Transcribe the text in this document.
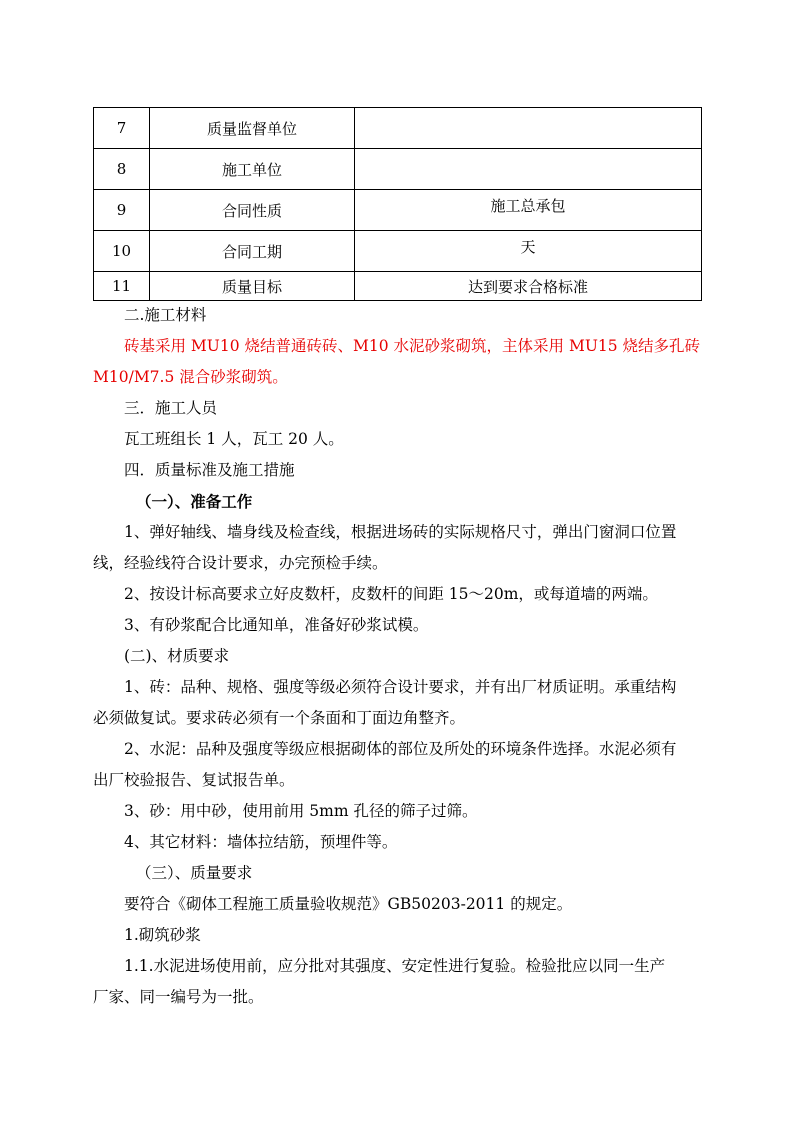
7	质量监督单位	
8	施工单位	
9	合同性质	施工总承包
10	合同工期	天
11	质量目标	达到要求合格标准

二.施工材料

砖基采用 MU10 烧结普通砖砖、M10 水泥砂浆砌筑，主体采用 MU15 烧结多孔砖

M10/M7.5 混合砂浆砌筑。

三．施工人员

瓦工班组长 1 人，瓦工 20 人。

四．质量标准及施工措施

（一）、准备工作

1、弹好轴线、墙身线及检查线，根据进场砖的实际规格尺寸，弹出门窗洞口位置

线，经验线符合设计要求，办完预检手续。

2、按设计标高要求立好皮数杆，皮数杆的间距 15～20m，或每道墙的两端。

3、有砂浆配合比通知单，准备好砂浆试模。

(二)、材质要求

1、砖：品种、规格、强度等级必须符合设计要求，并有出厂材质证明。承重结构

必须做复试。要求砖必须有一个条面和丁面边角整齐。

2、水泥：品种及强度等级应根据砌体的部位及所处的环境条件选择。水泥必须有

出厂校验报告、复试报告单。

3、砂：用中砂，使用前用 5mm 孔径的筛子过筛。

4、其它材料：墙体拉结筋，预埋件等。

（三）、质量要求

要符合《砌体工程施工质量验收规范》GB50203-2011 的规定。

1.砌筑砂浆

1.1.水泥进场使用前，应分批对其强度、安定性进行复验。检验批应以同一生产

厂家、同一编号为一批。
